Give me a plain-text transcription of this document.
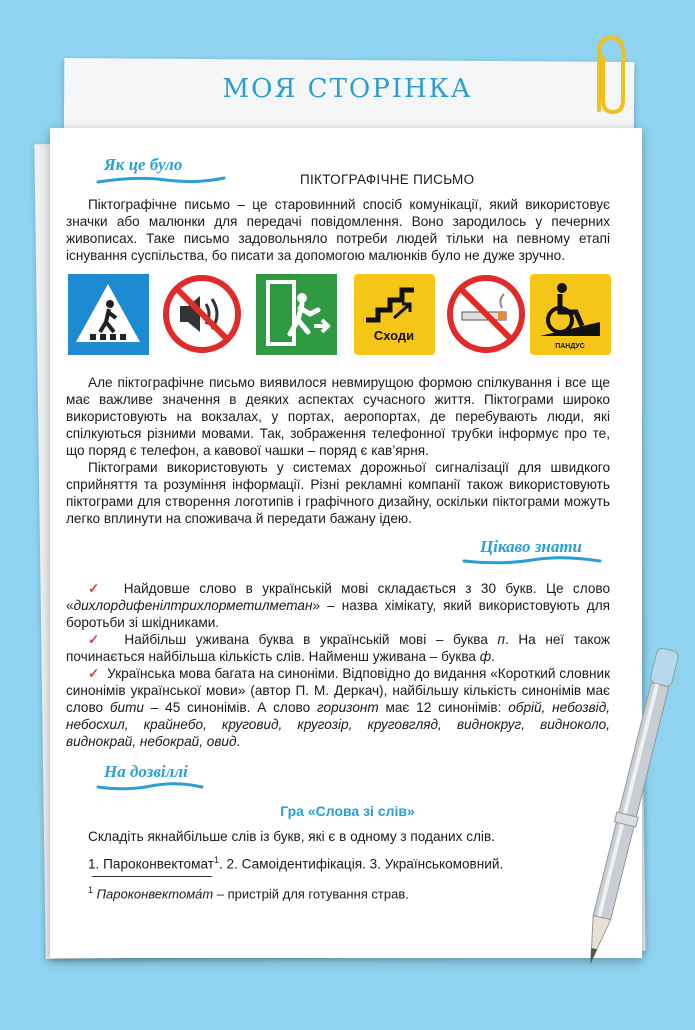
МОЯ СТОРІНКА
Як це було
ПІКТОГРАФІЧНЕ ПИСЬМО

Піктографічне письмо – це старовинний спосіб комунікації, який використовує значки або малюнки для передачі повідомлення. Воно зародилось у печерних живописах. Таке письмо задовольняло потреби людей тільки на певному етапі існування суспільства, бо писати за допомогою малюнків було не дуже зручно.

Сходи
ПАНДУС

Але піктографічне письмо виявилося невмирущою формою спілкування і все ще має важливе значення в деяких аспектах сучасного життя. Піктограми широко використовують на вокзалах, у портах, аеропортах, де перебувають люди, які спілкуються різними мовами. Так, зображення телефонної трубки інформує про те, що поряд є телефон, а кавової чашки – поряд є кав’ярня.

Піктограми використовують у системах дорожньої сигналізації для швидкого сприйняття та розуміння інформації. Різні рекламні компанії також використовують піктограми для створення логотипів і графічного дизайну, оскільки піктограми можуть легко вплинути на споживача й передати бажану ідею.

Цікаво знати

✓ Найдовше слово в українській мові складається з 30 букв. Це слово «дихлордифенілтрихлорметилметан» – назва хімікату, який використовують для боротьби зі шкідниками.

✓ Найбільш уживана буква в українській мові – буква п. На неї також починається найбільша кількість слів. Найменш уживана – буква ф.

✓ Українська мова багата на синоніми. Відповідно до видання «Короткий словник синонімів української мови» (автор П. М. Деркач), найбільшу кількість синонімів має слово бити – 45 синонімів. А слово горизонт має 12 синонімів: обрій, небозвід, небосхил, крайнебо, круговид, кругозір, круговгляд, виднокруг, видноколо, виднокрай, небокрай, овид.

На дозвіллі
Гра «Слова зі слів»

Складіть якнайбільше слів із букв, які є в одному з поданих слів.

1. Пароконвектомат$^1$. 2. Самоідентифікація. 3. Українськомовний.

$^1$ Пароконвектома́т – пристрій для готування страв.
